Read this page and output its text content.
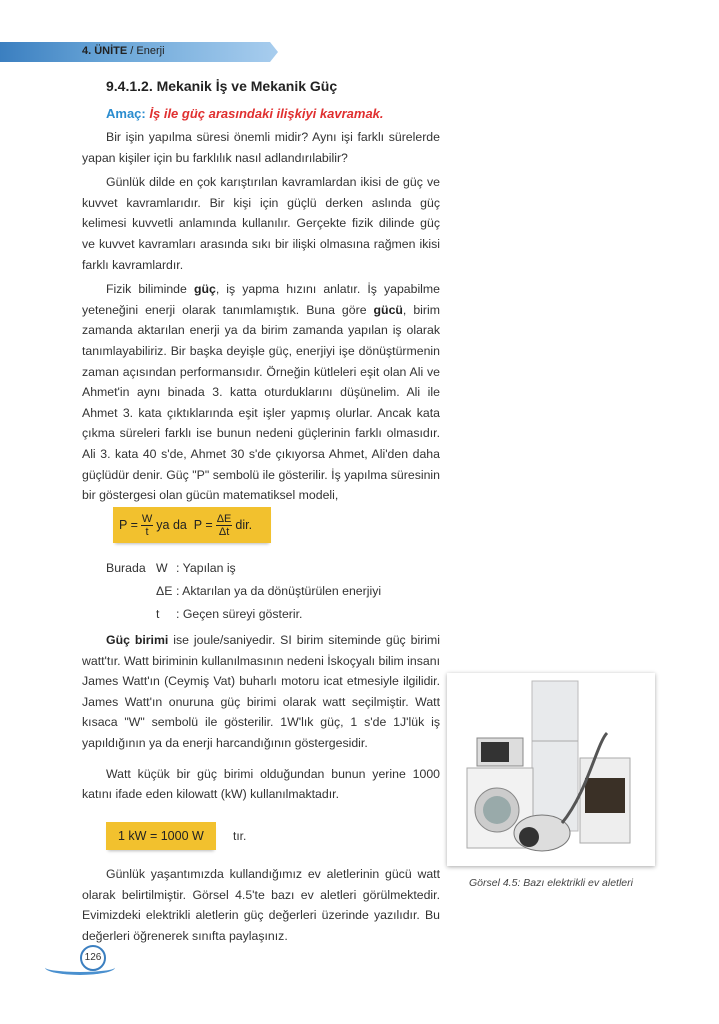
4. ÜNİTE / Enerji
9.4.1.2. Mekanik İş ve Mekanik Güç
Amaç: İş ile güç arasındaki ilişkiyi kavramak.

Bir işin yapılma süresi önemli midir? Aynı işi farklı sürelerde yapan kişiler için bu farklılık nasıl adlandırılabilir?

Günlük dilde en çok karıştırılan kavramlardan ikisi de güç ve kuvvet kavramlarıdır. Bir kişi için güçlü derken aslında güç kelimesi kuvvetli anlamında kullanılır. Gerçekte fizik dilinde güç ve kuvvet kavramları arasında sıkı bir ilişki olmasına rağmen ikisi farklı kavramlardır.

Fizik biliminde güç, iş yapma hızını anlatır. İş yapabilme yeteneğini enerji olarak tanımlamıştık. Buna göre gücü, birim zamanda aktarılan enerji ya da birim zamanda yapılan iş olarak tanımlayabiliriz. Bir başka deyişle güç, enerjiyi işe dönüştürmenin zaman açısından performansıdır. Örneğin kütleleri eşit olan Ali ve Ahmet'in aynı binada 3. katta oturduklarını düşünelim. Ali ile Ahmet 3. kata çıktıklarında eşit işler yapmış olurlar. Ancak kata çıkma süreleri farklı ise bunun nedeni güçlerinin farklı olmasıdır. Ali 3. kata 40 s'de, Ahmet 30 s'de çıkıyorsa Ahmet, Ali'den daha güçlüdür denir. Güç "P" sembolü ile gösterilir. İş yapılma süresinin bir göstergesi olan gücün matematiksel modeli,

$P = \frac{W}{t}$ ya da  $P = \frac{\Delta E}{\Delta t}$ dir.
Burada W : Yapılan iş
ΔE : Aktarılan ya da dönüştürülen enerjiyi
t	: Geçen süreyi gösterir.

Güç birimi ise joule/saniyedir. SI birim siteminde güç birimi watt'tır. Watt biriminin kullanılmasının nedeni İskoçyalı bilim insanı James Watt'ın (Ceymiş Vat) buharlı motoru icat etmesiyle ilgilidir. James Watt'ın onuruna güç birimi olarak watt seçilmiştir. Watt kısaca "W" sembolü ile gösterilir. 1W'lık güç, 1 s'de 1J'lük iş yapıldığının ya da enerji harcandığının göstergesidir.

Watt küçük bir güç birimi olduğundan bunun yerine 1000 katını ifade eden kilowatt (kW) kullanılmaktadır.

1 kW = 1000 W	tır.

Günlük yaşantımızda kullandığımız ev aletlerinin gücü watt olarak belirtilmiştir. Görsel 4.5'te bazı ev aletleri görülmektedir. Evimizdeki elektrikli aletlerin güç değerleri üzerinde yazılıdır. Bu değerleri öğrenerek sınıfta paylaşınız.

Görsel 4.5: Bazı elektrikli ev aletleri
126
